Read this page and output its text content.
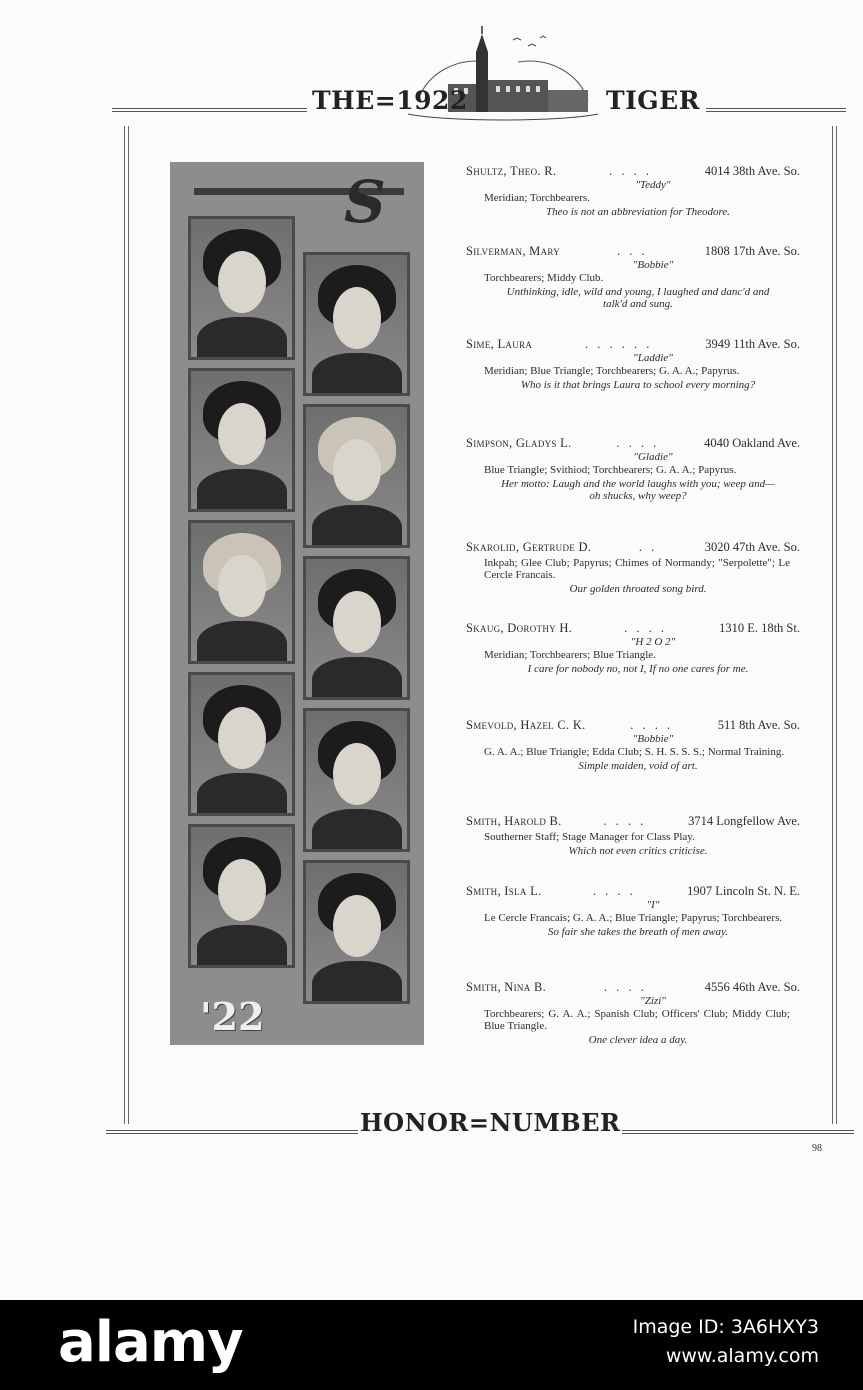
THE=1922	TIGER
S
'22
Shultz, Theo. R.	. . . .	4014 38th Ave. So.
"Teddy"
Meridian; Torchbearers.
Theo is not an abbreviation for Theodore.
Silverman, Mary	. . .	1808 17th Ave. So.
"Bobbie"
Torchbearers; Middy Club.
Unthinking, idle, wild and young, I laughed and danc'd and talk'd and sung.
Sime, Laura	. . . . . .	3949 11th Ave. So.
"Laddie"
Meridian; Blue Triangle; Torchbearers; G. A. A.; Papyrus.
Who is it that brings Laura to school every morning?
Simpson, Gladys L.	. . . .	4040 Oakland Ave.
"Gladie"
Blue Triangle; Svithiod; Torchbearers; G. A. A.; Papyrus.
Her motto: Laugh and the world laughs with you; weep and—oh shucks, why weep?
Skarolid, Gertrude D.	. .	3020 47th Ave. So.
Inkpah; Glee Club; Papyrus; Chimes of Normandy; "Serpolette"; Le Cercle Francais.
Our golden throated song bird.
Skaug, Dorothy H.	. . . .	1310 E. 18th St.
"H 2 O 2"
Meridian; Torchbearers; Blue Triangle.
I care for nobody no, not I, If no one cares for me.
Smevold, Hazel C. K.	. . . .	511 8th Ave. So.
"Bobbie"
G. A. A.; Blue Triangle; Edda Club; S. H. S. S. S.; Normal Training.
Simple maiden, void of art.
Smith, Harold B.	. . . .	3714 Longfellow Ave.
Southerner Staff; Stage Manager for Class Play.
Which not even critics criticise.
Smith, Isla L.	. . . .	1907 Lincoln St. N. E.
"I"
Le Cercle Francais; G. A. A.; Blue Triangle; Papyrus; Torchbearers.
So fair she takes the breath of men away.
Smith, Nina B.	. . . .	4556 46th Ave. So.
"Zizi"
Torchbearers; G. A. A.; Spanish Club; Officers' Club; Middy Club; Blue Triangle.
One clever idea a day.
HONOR=NUMBER
98
alamy	Image ID: 3A6HXY3
www.alamy.com
